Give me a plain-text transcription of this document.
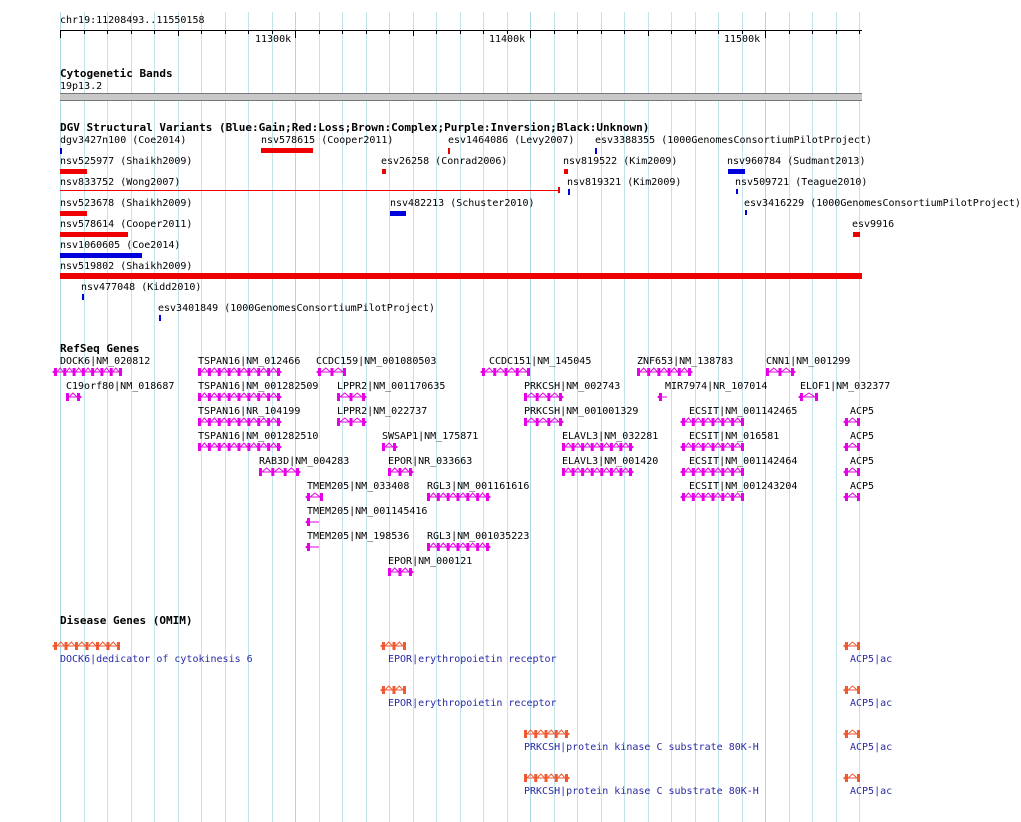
chr19:11208493..11550158
11300k	11400k	11500k
Cytogenetic Bands
19p13.2
DGV Structural Variants (Blue:Gain;Red:Loss;Brown:Complex;Purple:Inversion;Black:Unknown)
dgv3427n100 (Coe2014)	nsv578615 (Cooper2011)	esv1464086 (Levy2007) esv3388355 (1000GenomesConsortiumPilotProject)
nsv525977 (Shaikh2009)	esv26258 (Conrad2006)	nsv819522 (Kim2009)	nsv960784 (Sudmant2013)
nsv833752 (Wong2007)	nsv819321 (Kim2009)	nsv509721 (Teague2010)
nsv523678 (Shaikh2009)	nsv482213 (Schuster2010)	esv3416229 (1000GenomesConsortiumPilotProject)
nsv578614 (Cooper2011)	esv9916
nsv1060605 (Coe2014)
nsv519802 (Shaikh2009)
nsv477048 (Kidd2010)
esv3401849 (1000GenomesConsortiumPilotProject)
RefSeq Genes
DOCK6|NM_020812	TSPAN16|NM_012466 CCDC159|NM_001080503	CCDC151|NM_145045	ZNF653|NM_138783	CNN1|NM_001299
C19orf80|NM_018687 TSPAN16|NM_001282509 LPPR2|NM_001170635	PRKCSH|NM_002743	MIR7974|NR_107014	ELOF1|NM_032377
TSPAN16|NR_104199	LPPR2|NM_022737	PRKCSH|NM_001001329	ECSIT|NM_001142465	ACP5
TSPAN16|NM_001282510	SWSAP1|NM_175871	ELAVL3|NM_032281	ECSIT|NM_016581
RAB3D|NM_004283	EPOR|NR_033663	ELAVL3|NM_001420	ECSIT|NM_001142464
TMEM205|NM_033408 RGL3|NM_001161616	ECSIT|NM_001243204
TMEM205|NM_001145416
TMEM205|NM_198536 RGL3|NM_001035223
EPOR|NM_000121
ACP5
ACP5
ACP5
Disease Genes (OMIM)
DOCK6|dedicator of cytokinesis 6	EPOR|erythropoietin receptor
EPOR|erythropoietin receptor
PRKCSH|protein kinase C substrate 80K-H
PRKCSH|protein kinase C substrate 80K-H
ACP5|ac
ACP5|ac
ACP5|ac
ACP5|ac
